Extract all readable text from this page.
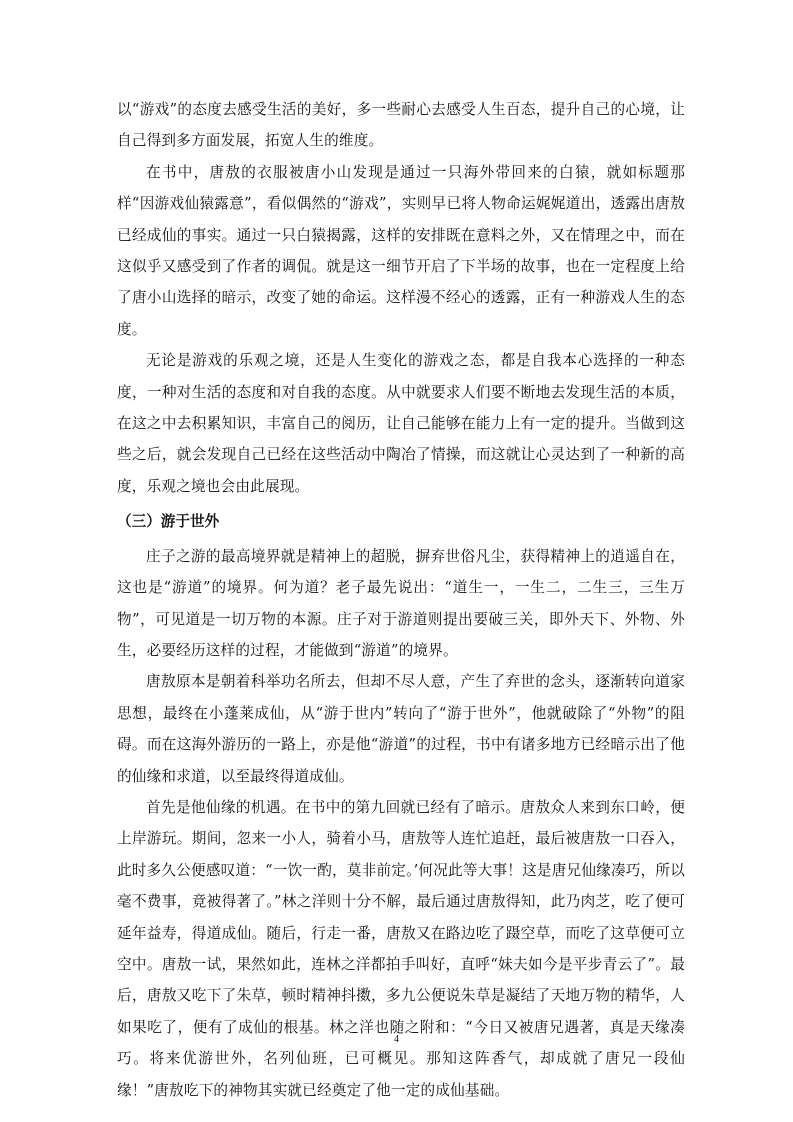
以“游戏”的态度去感受生活的美好，多一些耐心去感受人生百态，提升自己的心境，让自己得到多方面发展，拓宽人生的维度。

在书中，唐敖的衣服被唐小山发现是通过一只海外带回来的白猿，就如标题那样“因游戏仙猿露意”，看似偶然的“游戏”，实则早已将人物命运娓娓道出，透露出唐敖已经成仙的事实。通过一只白猿揭露，这样的安排既在意料之外，又在情理之中，而在这似乎又感受到了作者的调侃。就是这一细节开启了下半场的故事，也在一定程度上给了唐小山选择的暗示，改变了她的命运。这样漫不经心的透露，正有一种游戏人生的态度。

无论是游戏的乐观之境，还是人生变化的游戏之态，都是自我本心选择的一种态度，一种对生活的态度和对自我的态度。从中就要求人们要不断地去发现生活的本质，在这之中去积累知识，丰富自己的阅历，让自己能够在能力上有一定的提升。当做到这些之后，就会发现自己已经在这些活动中陶冶了情操，而这就让心灵达到了一种新的高度，乐观之境也会由此展现。

（三）游于世外

庄子之游的最高境界就是精神上的超脱，摒弃世俗凡尘，获得精神上的逍遥自在，这也是“游道”的境界。何为道？老子最先说出：“道生一，一生二，二生三，三生万物”，可见道是一切万物的本源。庄子对于游道则提出要破三关，即外天下、外物、外生，必要经历这样的过程，才能做到“游道”的境界。

唐敖原本是朝着科举功名所去，但却不尽人意，产生了弃世的念头，逐渐转向道家思想，最终在小蓬莱成仙，从“游于世内”转向了“游于世外”，他就破除了“外物”的阻碍。而在这海外游历的一路上，亦是他“游道”的过程，书中有诸多地方已经暗示出了他的仙缘和求道，以至最终得道成仙。

首先是他仙缘的机遇。在书中的第九回就已经有了暗示。唐敖众人来到东口岭，便上岸游玩。期间，忽来一小人，骑着小马，唐敖等人连忙追赶，最后被唐敖一口吞入，此时多久公便感叹道：“一饮一酌，莫非前定。’何况此等大事！这是唐兄仙缘凑巧，所以毫不费事，竟被得著了。”林之洋则十分不解，最后通过唐敖得知，此乃肉芝，吃了便可延年益寿，得道成仙。随后，行走一番，唐敖又在路边吃了蹑空草，而吃了这草便可立空中。唐敖一试，果然如此，连林之洋都拍手叫好，直呼“妹夫如今是平步青云了”。最后，唐敖又吃下了朱草，顿时精神抖擞，多九公便说朱草是凝结了天地万物的精华，人如果吃了，便有了成仙的根基。林之洋也随之附和：“今日又被唐兄遇著，真是天缘凑巧。将来优游世外，名列仙班，已可概见。那知这阵香气，却成就了唐兄一段仙缘！”唐敖吃下的神物其实就已经奠定了他一定的成仙基础。

4
